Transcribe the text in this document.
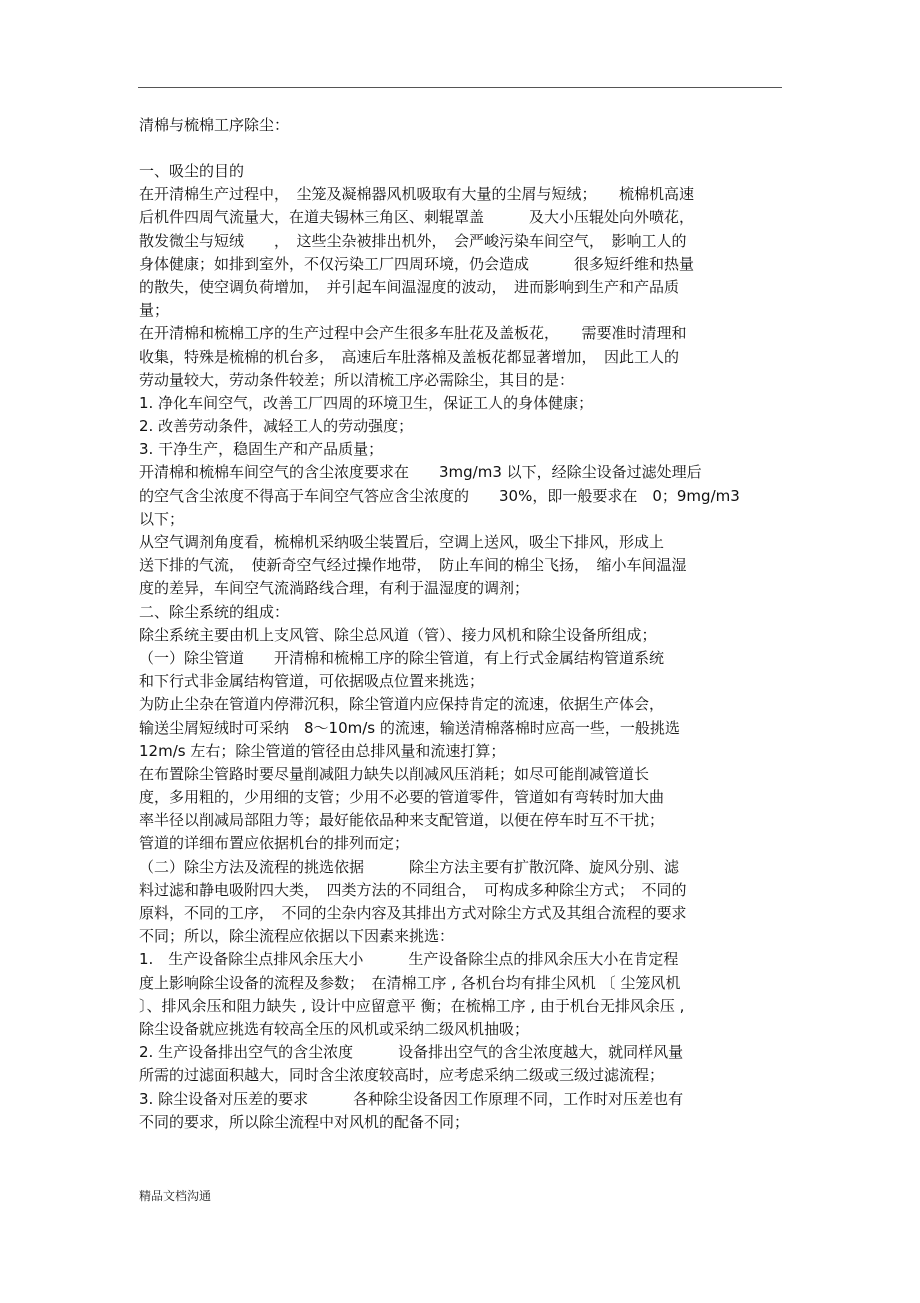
清棉与梳棉工序除尘：
一、吸尘的目的
在开清棉生产过程中，　尘笼及凝棉器风机吸取有大量的尘屑与短绒；　　梳棉机高速
后机件四周气流量大，在道夫锡林三角区、刺辊罩盖　　　及大小压辊处向外喷花，
散发微尘与短绒　　，　这些尘杂被排出机外，　会严峻污染车间空气，　影响工人的
身体健康；如排到室外，不仅污染工厂四周环境，仍会造成　　　很多短纤维和热量
的散失，使空调负荷增加，　并引起车间温湿度的波动，　进而影响到生产和产品质
量；
在开清棉和梳棉工序的生产过程中会产生很多车肚花及盖板花，　　需要准时清理和
收集，特殊是梳棉的机台多，　高速后车肚落棉及盖板花都显著增加，　因此工人的
劳动量较大，劳动条件较差；所以清梳工序必需除尘，其目的是：
1. 净化车间空气，改善工厂四周的环境卫生，保证工人的身体健康；
2. 改善劳动条件，减轻工人的劳动强度；
3. 干净生产，稳固生产和产品质量；
开清棉和梳棉车间空气的含尘浓度要求在　　3mg/m3 以下，经除尘设备过滤处理后
的空气含尘浓度不得高于车间空气答应含尘浓度的　　30%，即一般要求在　0；9mg/m3
以下；
从空气调剂角度看，梳棉机采纳吸尘装置后，空调上送风，吸尘下排风，形成上
送下排的气流，　使新奇空气经过操作地带，　防止车间的棉尘飞扬，　缩小车间温湿
度的差异，车间空气流淌路线合理，有利于温湿度的调剂；
二、除尘系统的组成：
除尘系统主要由机上支风管、除尘总风道（管）、接力风机和除尘设备所组成；
（一）除尘管道　　开清棉和梳棉工序的除尘管道，有上行式金属结构管道系统
和下行式非金属结构管道，可依据吸点位置来挑选；
为防止尘杂在管道内停滞沉积，除尘管道内应保持肯定的流速，依据生产体会，
输送尘屑短绒时可采纳　8～10m/s 的流速，输送清棉落棉时应高一些，一般挑选
12m/s 左右；除尘管道的管径由总排风量和流速打算；
在布置除尘管路时要尽量削减阻力缺失以削减风压消耗；如尽可能削减管道长
度，多用粗的，少用细的支管；少用不必要的管道零件，管道如有弯转时加大曲
率半径以削减局部阻力等；最好能依品种来支配管道，以便在停车时互不干扰；
管道的详细布置应依据机台的排列而定；
（二）除尘方法及流程的挑选依据　　　除尘方法主要有扩散沉降、旋风分别、滤
料过滤和静电吸附四大类，　四类方法的不同组合，　可构成多种除尘方式；　不同的
原料，不同的工序，　不同的尘杂内容及其排出方式对除尘方式及其组合流程的要求
不同；所以，除尘流程应依据以下因素来挑选：
1.　生产设备除尘点排风余压大小　　　生产设备除尘点的排风余压大小在肯定程
度上影响除尘设备的流程及参数；　在清棉工序 , 各机台均有排尘风机 〔 尘笼风机
〕、排风余压和阻力缺失 , 设计中应留意平 衡；在梳棉工序 , 由于机台无排风余压 ,
除尘设备就应挑选有较高全压的风机或采纳二级风机抽吸；
2. 生产设备排出空气的含尘浓度　　　设备排出空气的含尘浓度越大，就同样风量
所需的过滤面积越大，同时含尘浓度较高时，应考虑采纳二级或三级过滤流程；
3. 除尘设备对压差的要求　　　各种除尘设备因工作原理不同，工作时对压差也有
不同的要求，所以除尘流程中对风机的配备不同；
精品文档沟通
